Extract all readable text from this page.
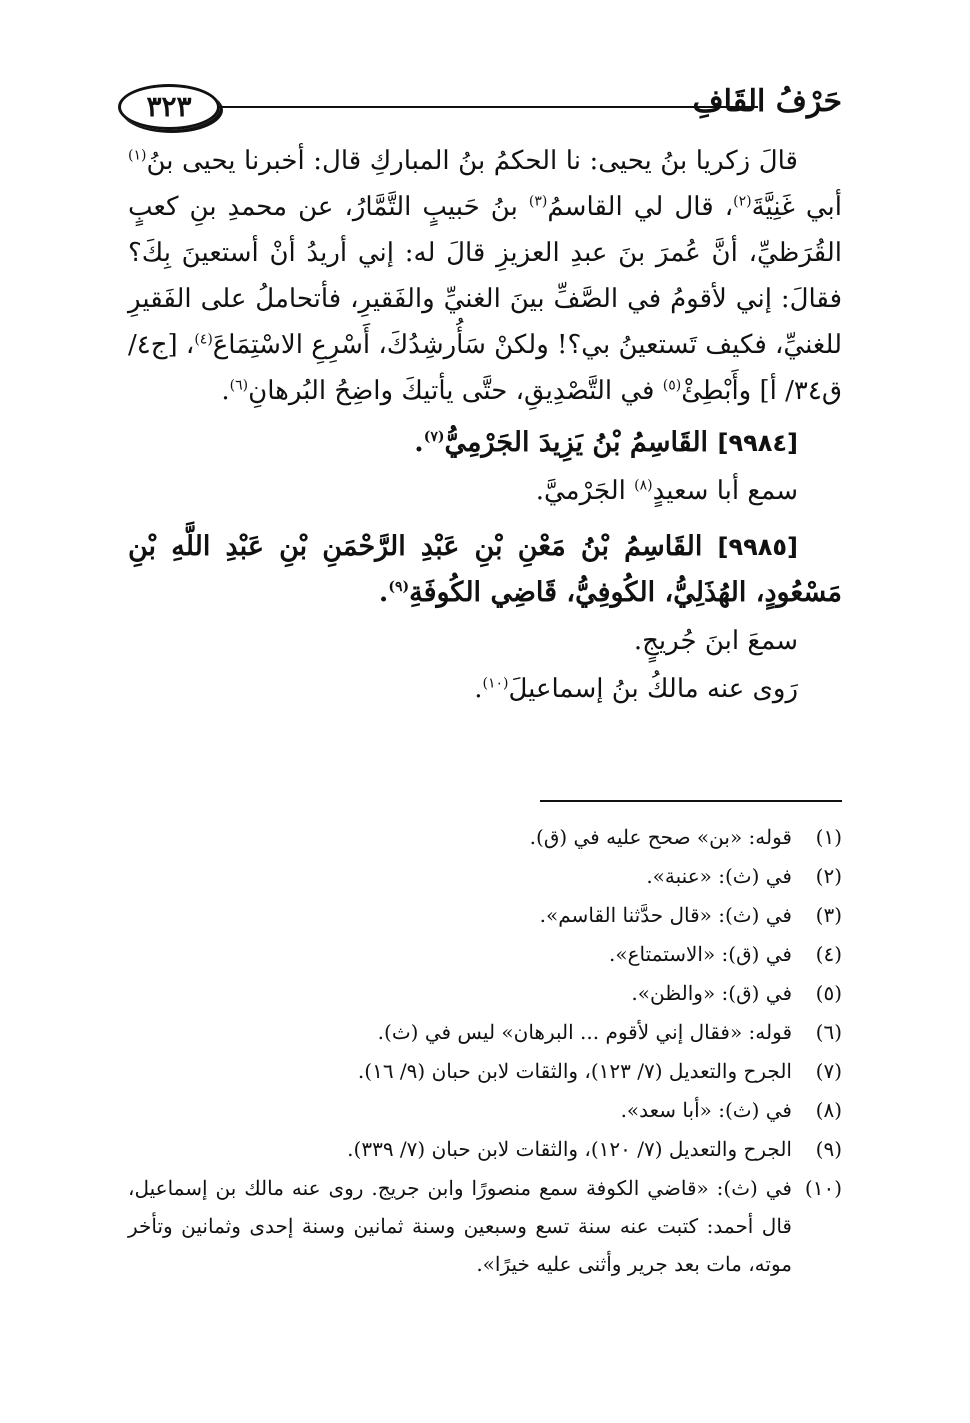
حَرْفُ القَافِ
٣٢٣

قالَ زكريا بنُ يحيى: نا الحكمُ بنُ المباركِ قال: أخبرنا يحيى بنُ$^{(١)}$ أبي غَنِيَّةَ$^{(٢)}$، قال لي القاسمُ$^{(٣)}$ بنُ حَبيبٍ التَّمَّارُ، عن محمدِ بنِ كعبٍ القُرَظيِّ، أنَّ عُمرَ بنَ عبدِ العزيزِ قالَ له: إني أريدُ أنْ أستعينَ بِكَ؟ فقالَ: إني لأقومُ في الصَّفِّ بينَ الغنيِّ والفَقيرِ، فأتحاملُ على الفَقيرِ للغنيِّ، فكيف تَستعينُ بي؟! ولكنْ سَأُرشِدُكَ، أَسْرِعِ الاسْتِمَاعَ$^{(٤)}$، [ج٤/ ق٣٤/ أ] وأَبْطِئْ$^{(٥)}$ في التَّصْدِيقِ، حتَّى يأتيكَ واضِحُ البُرهانِ$^{(٦)}$.

[٩٩٨٤] القَاسِمُ بْنُ يَزِيدَ الجَرْمِيُّ$^{(٧)}$.

سمع أبا سعيدٍ$^{(٨)}$ الجَرْميَّ.

[٩٩٨٥] القَاسِمُ بْنُ مَعْنِ بْنِ عَبْدِ الرَّحْمَنِ بْنِ عَبْدِ اللَّهِ بْنِ مَسْعُودٍ، الهُذَلِيُّ، الكُوفِيُّ، قَاضِي الكُوفَةِ$^{(٩)}$.

سمعَ ابنَ جُريجٍ.

رَوى عنه مالكُ بنُ إسماعيلَ$^{(١٠)}$.

(١)
قوله: «بن» صحح عليه في (ق).
(٢)
في (ث): «عنبة».
(٣)
في (ث): «قال حدَّثنا القاسم».
(٤)
في (ق): «الاستمتاع».
(٥)
في (ق): «والظن».
(٦)
قوله: «فقال إني لأقوم ... البرهان» ليس في (ث).
(٧)
الجرح والتعديل (٧/ ١٢٣)، والثقات لابن حبان (٩/ ١٦).
(٨)
في (ث): «أبا سعد».
(٩)
الجرح والتعديل (٧/ ١٢٠)، والثقات لابن حبان (٧/ ٣٣٩).
(١٠)
في (ث): «قاضي الكوفة سمع منصورًا وابن جريج. روى عنه مالك بن إسماعيل، قال أحمد: كتبت عنه سنة تسع وسبعين وسنة ثمانين وسنة إحدى وثمانين وتأخر موته، مات بعد جرير وأثنى عليه خيرًا».
